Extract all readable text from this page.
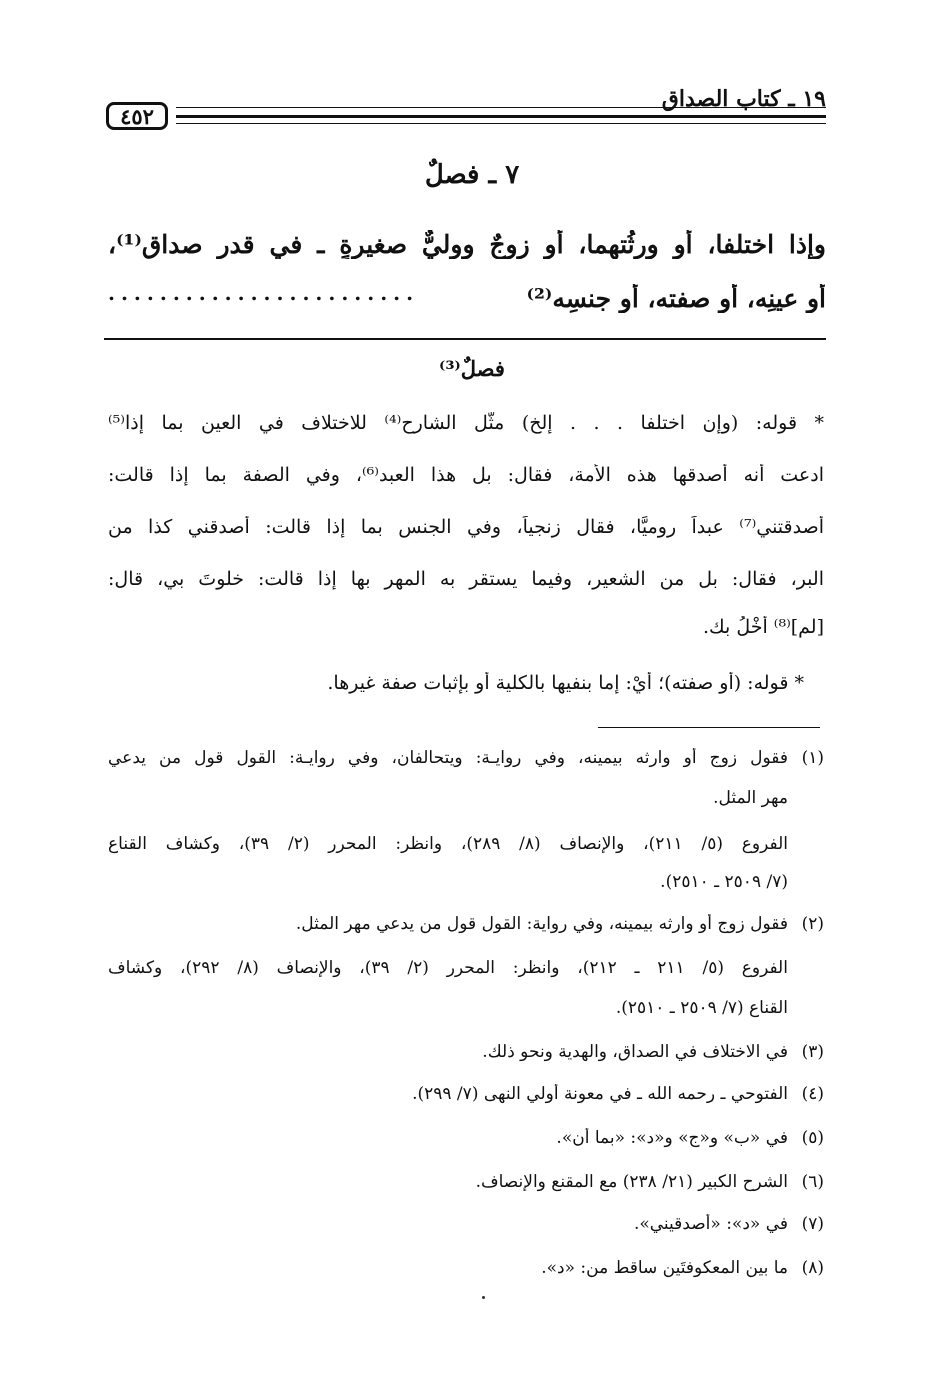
١٩ ـ كتاب الصداق
٤٥٢
٧ ـ فصلٌ
وإذا اختلفا، أو ورثُتهما، أو زوجٌ ووليٌّ صغيرةٍ ـ في قدر صداق⁽¹⁾،
أو عينِه، أو صفته، أو جنسِه⁽²⁾
........................
فصلٌ⁽³⁾
* قوله: (وإن اختلفا . . . إلخ) مثَّل الشارح⁽⁴⁾ للاختلاف في العين بما إذا⁽⁵⁾
ادعت أنه أصدقها هذه الأمة، فقال: بل هذا العبد⁽⁶⁾، وفي الصفة بما إذا قالت:
أصدقتني⁽⁷⁾ عبداً روميًّا، فقال زنجياً، وفي الجنس بما إذا قالت: أصدقني كذا من
البر، فقال: بل من الشعير، وفيما يستقر به المهر بها إذا قالت: خلوتَ بي، قال:
[لم]⁽⁸⁾ أَخْلُ بك.
* قوله: (أو صفته)؛ أيْ: إما بنفيها بالكلية أو بإثبات صفة غيرها.
(١)
فقول زوج أو وارثه بيمينه، وفي روايـة: ويتحالفان، وفي روايـة: القول قول من يدعي
مهر المثل.
الفروع (٥/ ٢١١)، والإنصاف (٨/ ٢٨٩)، وانظر: المحرر (٢/ ٣٩)، وكشاف القناع
(٧/ ٢٥٠٩ ـ ٢٥١٠).
(٢)
فقول زوج أو وارثه بيمينه، وفي رواية: القول قول من يدعي مهر المثل.
الفروع (٥/ ٢١١ ـ ٢١٢)، وانظر: المحرر (٢/ ٣٩)، والإنصاف (٨/ ٢٩٢)، وكشاف
القناع (٧/ ٢٥٠٩ ـ ٢٥١٠).
(٣)
في الاختلاف في الصداق، والهدية ونحو ذلك.
(٤)
الفتوحي ـ رحمه الله ـ في معونة أولي النهى (٧/ ٢٩٩).
(٥)
في «ب» و«ج» و«د»: «بما أن».
(٦)
الشرح الكبير (٢١/ ٢٣٨) مع المقنع والإنصاف.
(٧)
في «د»: «أصدقيني».
(٨)
ما بين المعكوفتَين ساقط من: «د».
